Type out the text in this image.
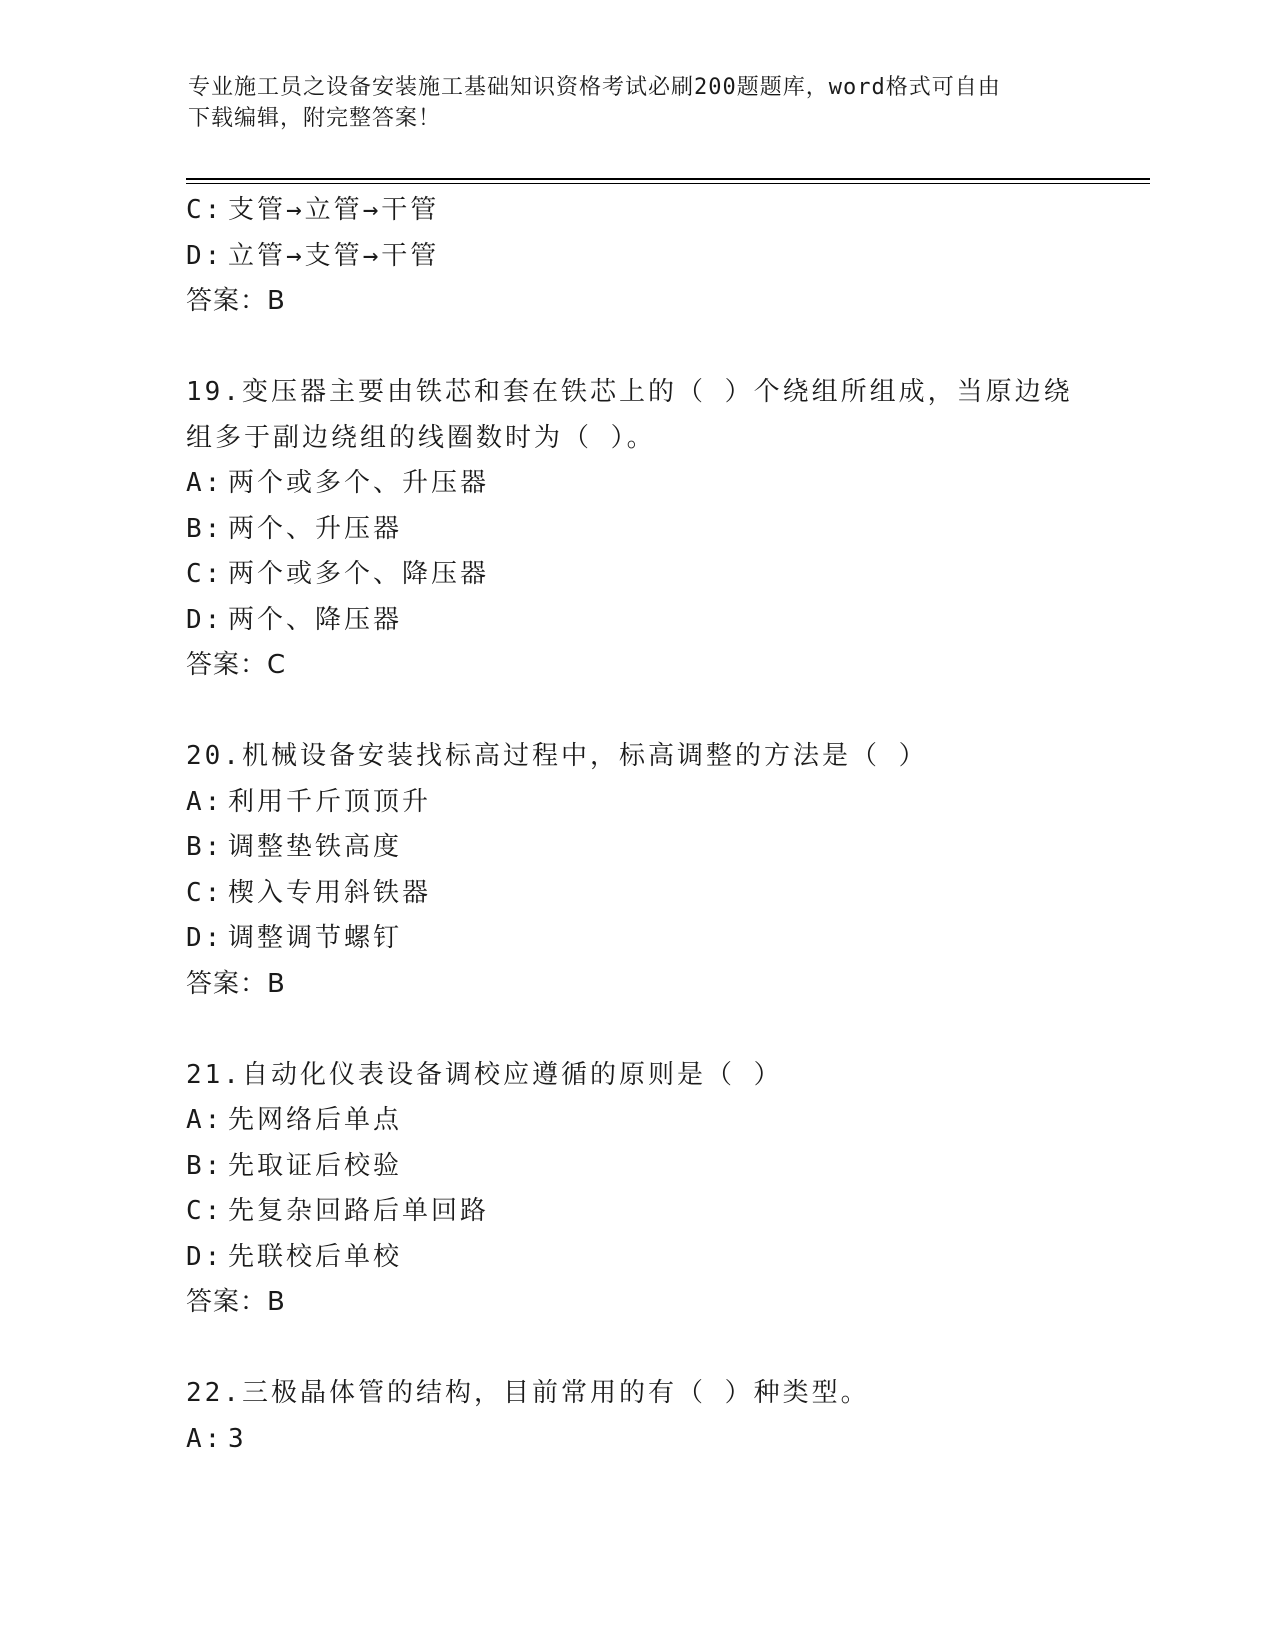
专业施工员之设备安装施工基础知识资格考试必刷200题题库，word格式可自由
下载编辑，附完整答案！
C: 支管→立管→干管
D: 立管→支管→干管
答案：B
19.变压器主要由铁芯和套在铁芯上的（ ）个绕组所组成，当原边绕
组多于副边绕组的线圈数时为（ ）。
A: 两个或多个、升压器
B: 两个、升压器
C: 两个或多个、降压器
D: 两个、降压器
答案：C
20.机械设备安装找标高过程中，标高调整的方法是（ ）
A: 利用千斤顶顶升
B: 调整垫铁高度
C: 楔入专用斜铁器
D: 调整调节螺钉
答案：B
21.自动化仪表设备调校应遵循的原则是（ ）
A: 先网络后单点
B: 先取证后校验
C: 先复杂回路后单回路
D: 先联校后单校
答案：B
22.三极晶体管的结构，目前常用的有（ ）种类型。
A: 3
